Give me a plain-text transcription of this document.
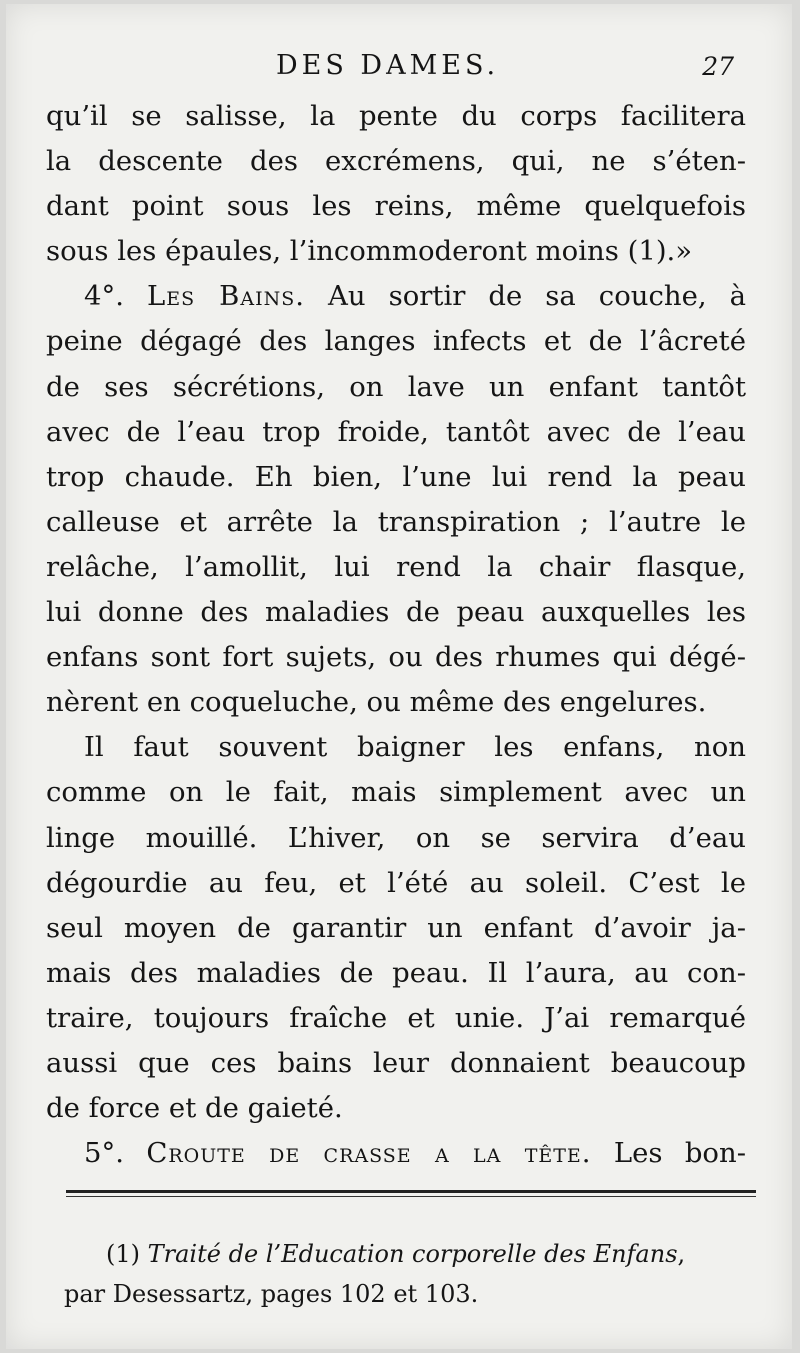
DES DAMES.	27
qu’il se salisse, la pente du corps facilitera
la descente des excrémens, qui, ne s’éten-
dant point sous les reins, même quelquefois
sous les épaules, l’incommoderont moins (1).»
4°. Les Bains. Au sortir de sa couche, à
peine dégagé des langes infects et de l’âcreté
de ses sécrétions, on lave un enfant tantôt
avec de l’eau trop froide, tantôt avec de l’eau
trop chaude. Eh bien, l’une lui rend la peau
calleuse et arrête la transpiration ; l’autre le
relâche, l’amollit, lui rend la chair flasque,
lui donne des maladies de peau auxquelles les
enfans sont fort sujets, ou des rhumes qui dégé-
nèrent en coqueluche, ou même des engelures.
Il faut souvent baigner les enfans, non
comme on le fait, mais simplement avec un
linge mouillé. L’hiver, on se servira d’eau
dégourdie au feu, et l’été au soleil. C’est le
seul moyen de garantir un enfant d’avoir ja-
mais des maladies de peau. Il l’aura, au con-
traire, toujours fraîche et unie. J’ai remarqué
aussi que ces bains leur donnaient beaucoup
de force et de gaieté.
5°. Croute de crasse a la tête. Les bon-
(1) Traité de l’Education corporelle des Enfans,
par Desessartz, pages 102 et 103.
